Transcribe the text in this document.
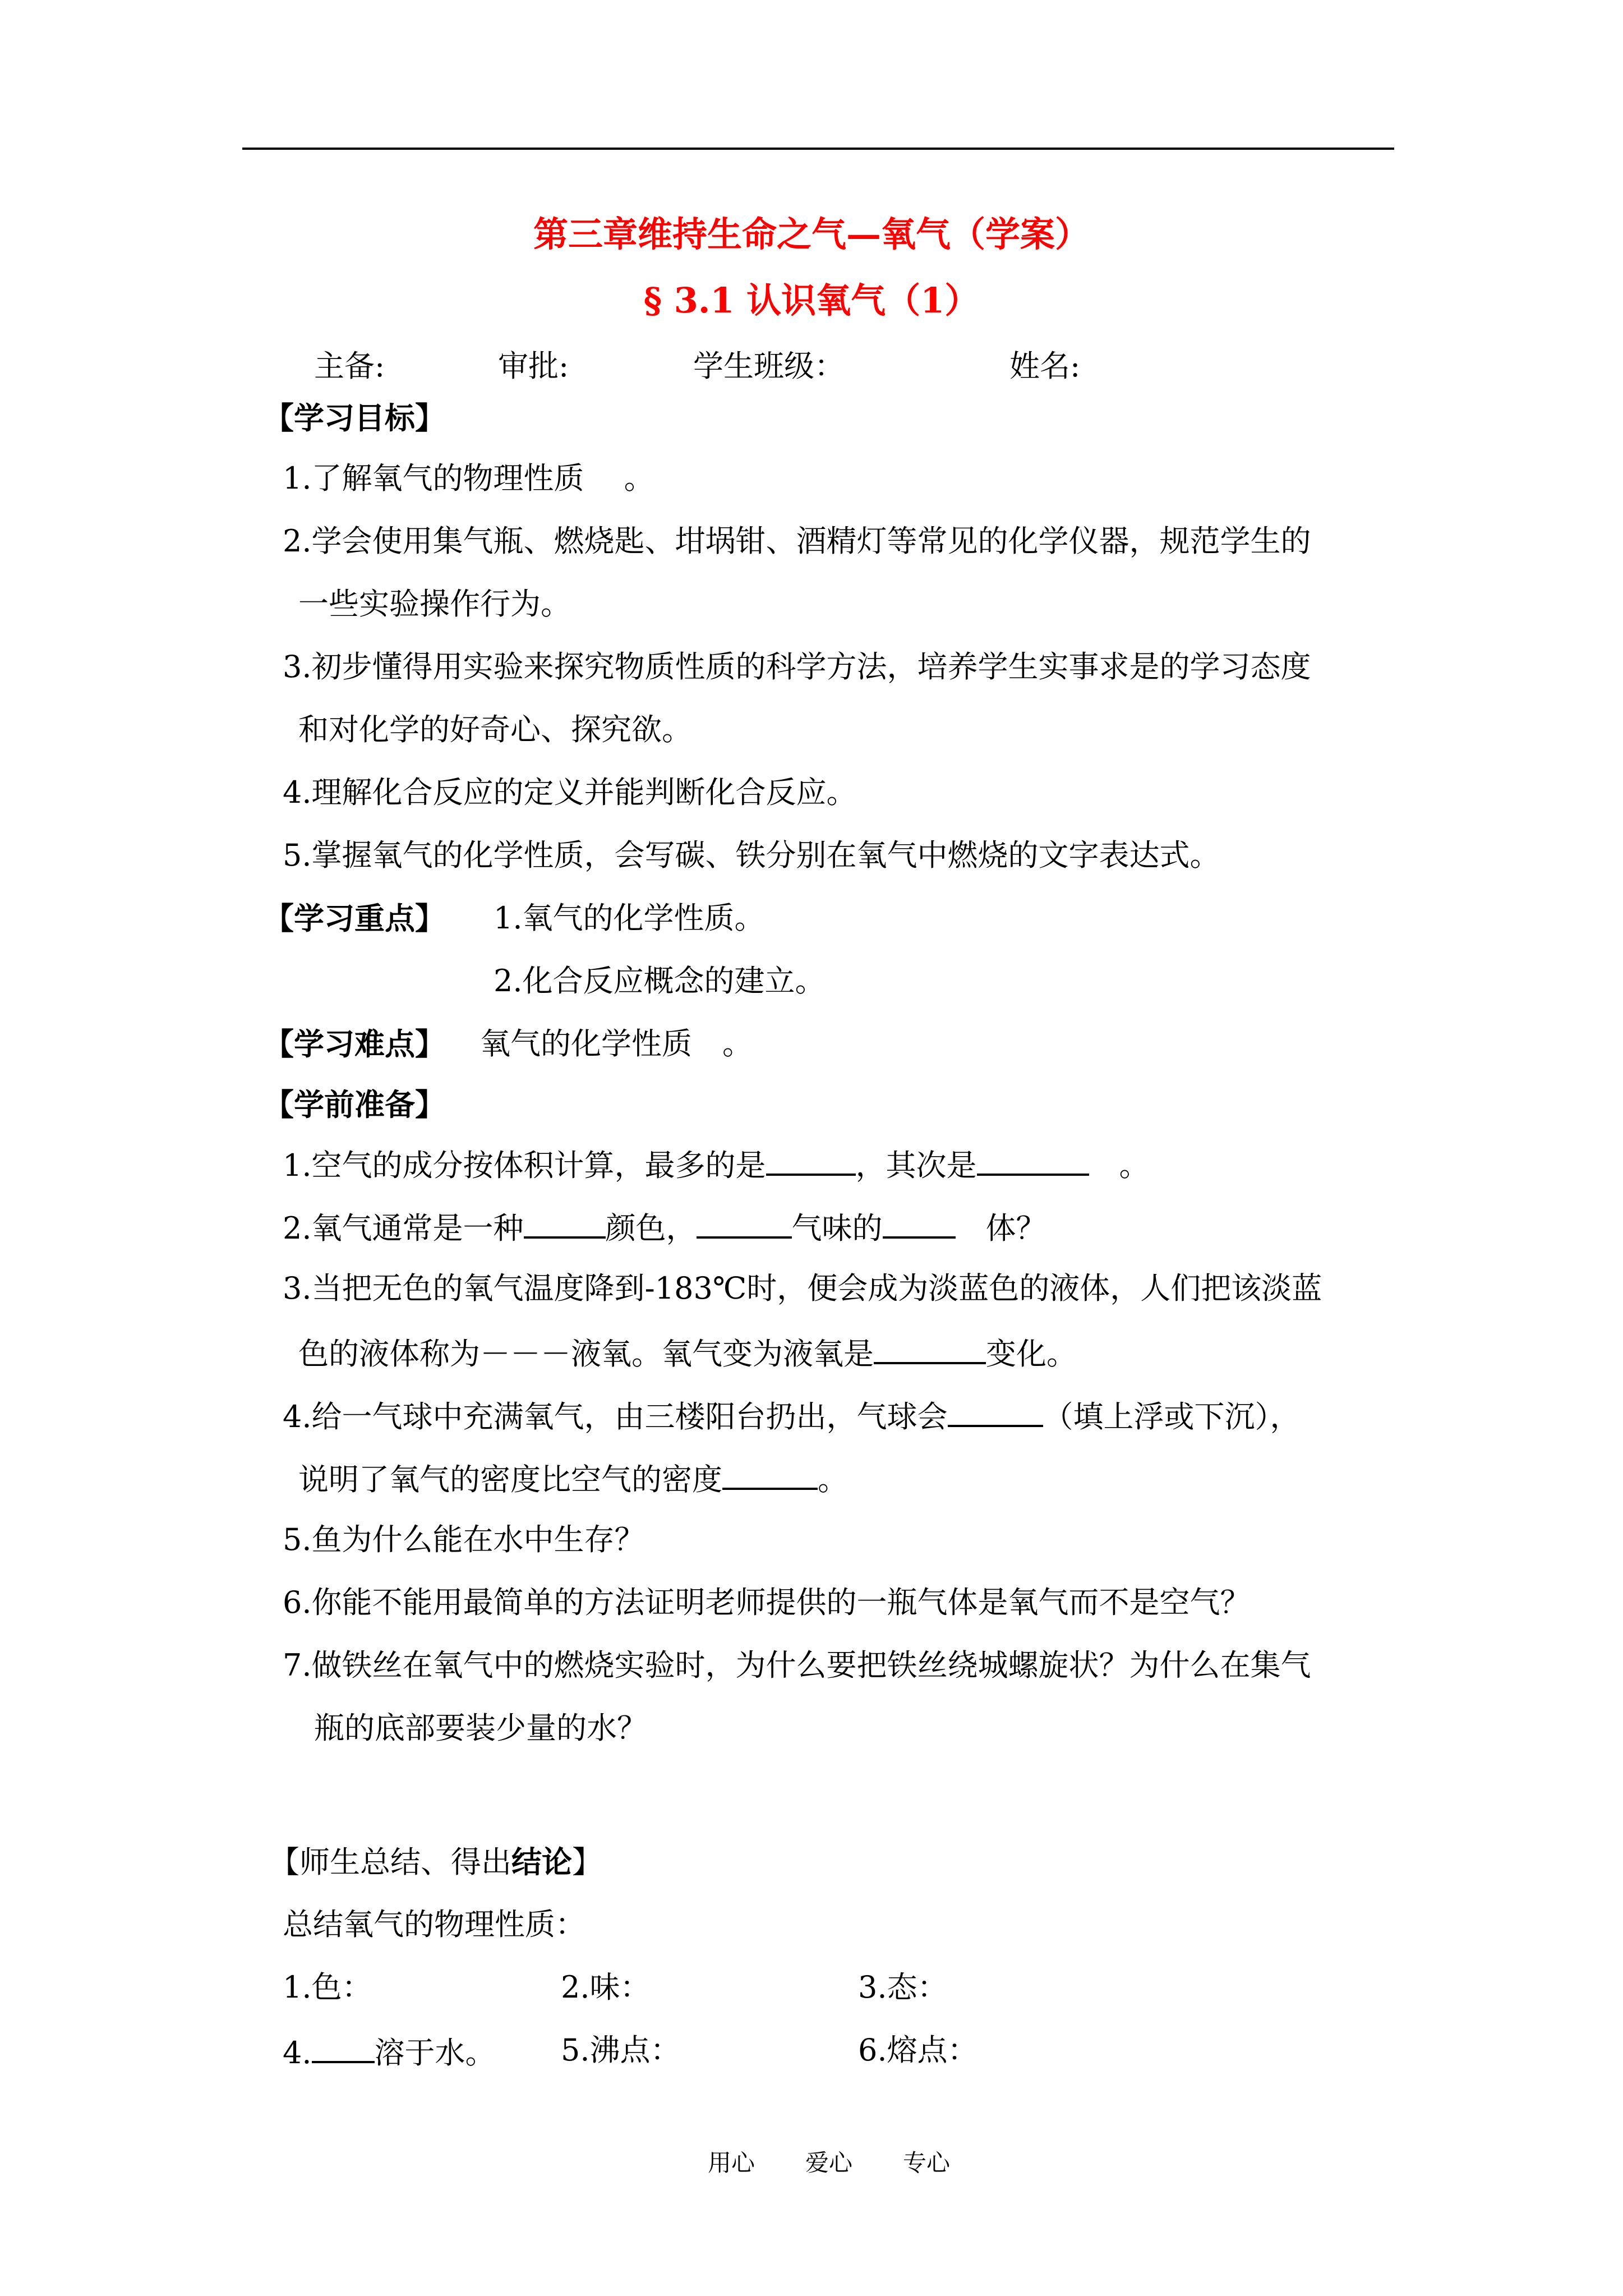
第三章维持生命之气—氧气（学案）
§ 3.1 认识氧气（1）
主备:	审批:	学生班级：	姓名:
【学习目标】
1.了解氧气的物理性质　 。
2.学会使用集气瓶、燃烧匙、坩埚钳、酒精灯等常见的化学仪器，规范学生的
一些实验操作行为。
3.初步懂得用实验来探究物质性质的科学方法，培养学生实事求是的学习态度
和对化学的好奇心、探究欲。
4.理解化合反应的定义并能判断化合反应。
5.掌握氧气的化学性质，会写碳、铁分别在氧气中燃烧的文字表达式。
【学习重点】 1.氧气的化学性质。
2.化合反应概念的建立。
【学习难点】 氧气的化学性质　。
【学前准备】
1.空气的成分按体积计算，最多的是	，其次是	　。
2.氧气通常是一种	颜色，	气味的　体？
3.当把无色的氧气温度降到-183℃时，便会成为淡蓝色的液体，人们把该淡蓝
色的液体称为－－－液氧。氧气变为液氧是	变化。
4.给一气球中充满氧气，由三楼阳台扔出，气球会	（填上浮或下沉），
说明了氧气的密度比空气的密度	。
5.鱼为什么能在水中生存？
6.你能不能用最简单的方法证明老师提供的一瓶气体是氧气而不是空气？
7.做铁丝在氧气中的燃烧实验时，为什么要把铁丝绕城螺旋状？为什么在集气
瓶的底部要装少量的水？
【师生总结、得出结论】
总结氧气的物理性质：
1.色：	2.味：	3.态：
4. 溶于水。 5.沸点：	6.熔点：
用心 爱心 专心
